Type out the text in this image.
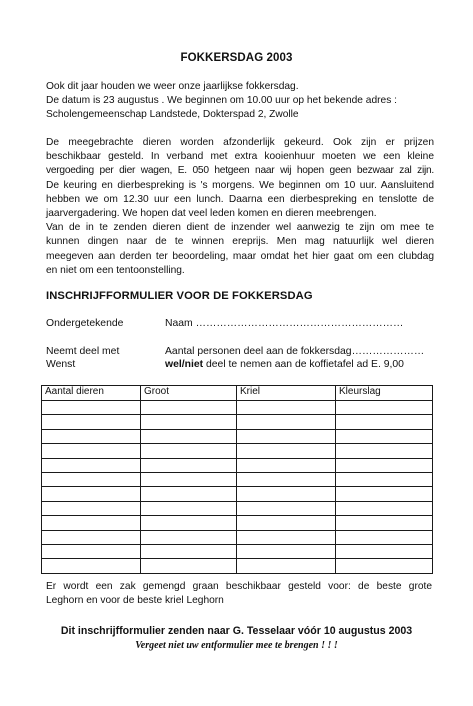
FOKKERSDAG 2003
Ook dit jaar houden we weer onze jaarlijkse fokkersdag.
De datum is 23 augustus . We beginnen om 10.00 uur op het bekende adres :
Scholengemeenschap Landstede, Dokterspad 2, Zwolle
De meegebrachte dieren worden afzonderlijk gekeurd. Ook zijn er prijzen
beschikbaar gesteld. In verband met extra kooienhuur moeten we een kleine
vergoeding per dier wagen, E. 050 hetgeen naar wij hopen geen bezwaar zal zijn.
De keuring en dierbespreking is 's morgens. We beginnen om 10 uur. Aansluitend
hebben we om 12.30 uur een lunch. Daarna een dierbespreking en tenslotte de
jaarvergadering. We hopen dat veel leden komen en dieren meebrengen.
Van de in te zenden dieren dient de inzender wel aanwezig te zijn om mee te
kunnen dingen naar de te winnen ereprijs. Men mag natuurlijk wel dieren
meegeven aan derden ter beoordeling, maar omdat het hier gaat om een clubdag
en niet om een tentoonstelling.
INSCHRIJFFORMULIER VOOR DE FOKKERSDAG
Ondergetekende	Naam ……………………………………………………
Neemt deel met	Aantal personen deel aan de fokkersdag…………………
Wenst	wel/niet deel te nemen aan de koffietafel ad E. 9,00
Aantal dieren	Groot	Kriel	Kleurslag

Er wordt een zak gemengd graan beschikbaar gesteld voor: de beste grote
Leghorn en voor de beste kriel Leghorn
Dit inschrijfformulier zenden naar G. Tesselaar vóór 10 augustus 2003
Vergeet niet uw entformulier mee te brengen ! ! !
